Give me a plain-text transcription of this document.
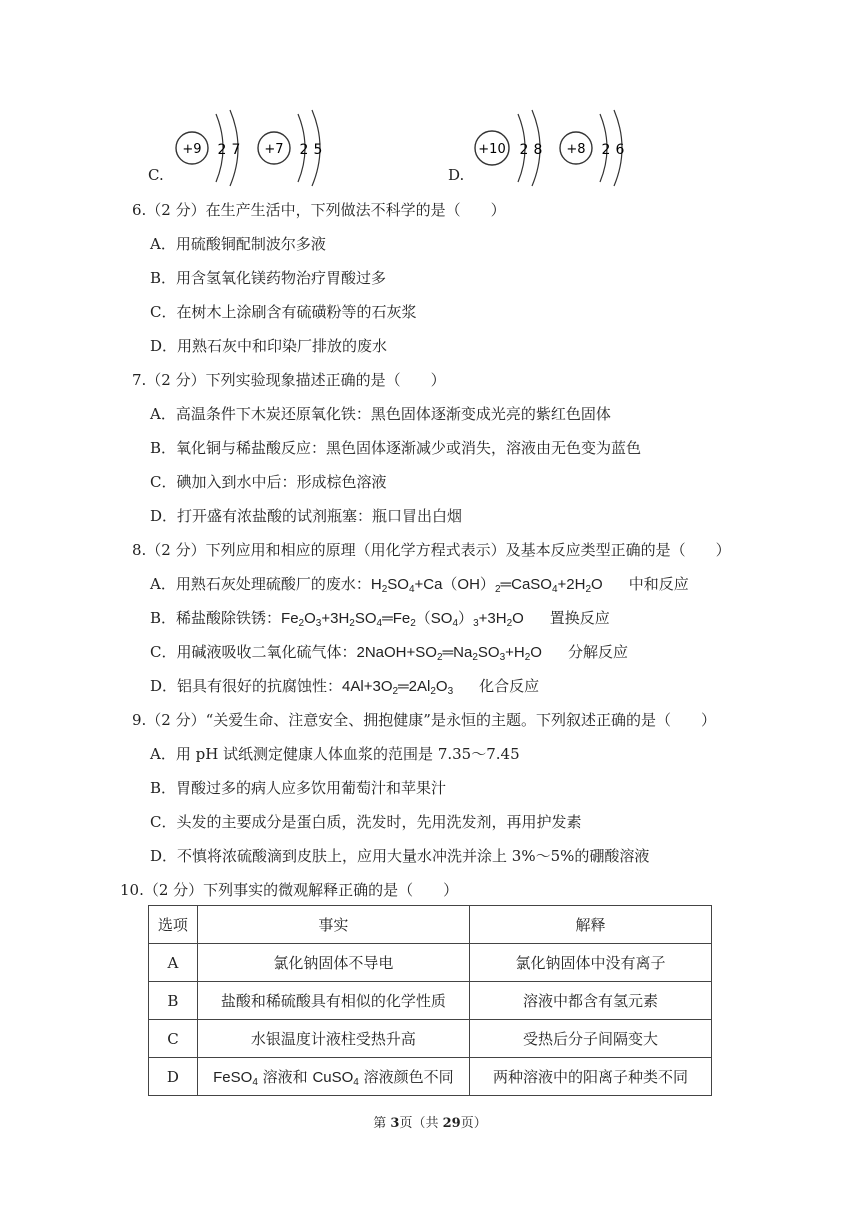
C.
+9 2 7 +7 2 5
D.
+10 2 8 +8 2 6
6.（2 分）在生产生活中，下列做法不科学的是（　　）
A．用硫酸铜配制波尔多液
B．用含氢氧化镁药物治疗胃酸过多
C．在树木上涂刷含有硫磺粉等的石灰浆
D．用熟石灰中和印染厂排放的废水
7.（2 分）下列实验现象描述正确的是（　　）
A．高温条件下木炭还原氧化铁：黑色固体逐渐变成光亮的紫红色固体
B．氧化铜与稀盐酸反应：黑色固体逐渐减少或消失，溶液由无色变为蓝色
C．碘加入到水中后：形成棕色溶液
D．打开盛有浓盐酸的试剂瓶塞：瓶口冒出白烟
8.（2 分）下列应用和相应的原理（用化学方程式表示）及基本反应类型正确的是（　　）
A．用熟石灰处理硫酸厂的废水：$H_2SO_4+Ca(OH)_2═CaSO_4+2H_2O$ 中和反应
B．稀盐酸除铁锈：$Fe_2O_3+3H_2SO_4═Fe_2(SO_4)_3+3H_2O$ 置换反应
C．用碱液吸收二氧化硫气体：$2NaOH+SO_2═Na_2SO_3+H_2O$ 分解反应
D．铝具有很好的抗腐蚀性：$4Al+3O_2═2Al_2O_3$ 化合反应
9.（2 分）“关爱生命、注意安全、拥抱健康”是永恒的主题。下列叙述正确的是（　　）
A．用 pH 试纸测定健康人体血浆的范围是 7.35～7.45
B．胃酸过多的病人应多饮用葡萄汁和苹果汁
C．头发的主要成分是蛋白质，洗发时，先用洗发剂，再用护发素
D．不慎将浓硫酸滴到皮肤上，应用大量水冲洗并涂上 3%～5%的硼酸溶液
10.（2 分）下列事实的微观解释正确的是（　　）
选项	事实	解释
A	氯化钠固体不导电	氯化钠固体中没有离子
B	盐酸和稀硫酸具有相似的化学性质	溶液中都含有氢元素
C	水银温度计液柱受热升高	受热后分子间隔变大
D	FeSO$_4$ 溶液和 CuSO$_4$ 溶液颜色不同	两种溶液中的阳离子种类不同
第 3页（共 29页）
